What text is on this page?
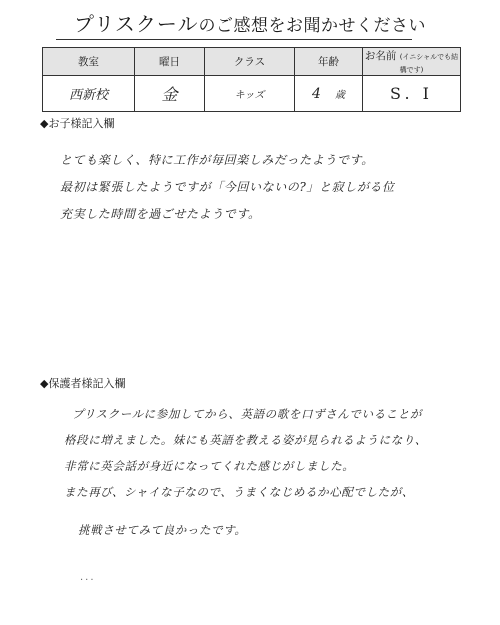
プリスクールのご感想をお聞かせください
教室	曜日	クラス	年齢	お名前 (イニシャルでも結構です)
西新校	金	キッズ	4 歳	S. I
◆お子様記入欄
とても楽しく、特に工作が毎回楽しみだったようです。
最初は緊張したようですが「今回いないの?」と寂しがる位
充実した時間を過ごせたようです。
◆保護者様記入欄
プリスクールに参加してから、英語の歌を口ずさんでいることが
格段に増えました。妹にも英語を教える姿が見られるようになり、
非常に英会話が身近になってくれた感じがしました。
また再び、シャイな子なので、うまくなじめるか心配でしたが、
挑戦させてみて良かったです。
...
